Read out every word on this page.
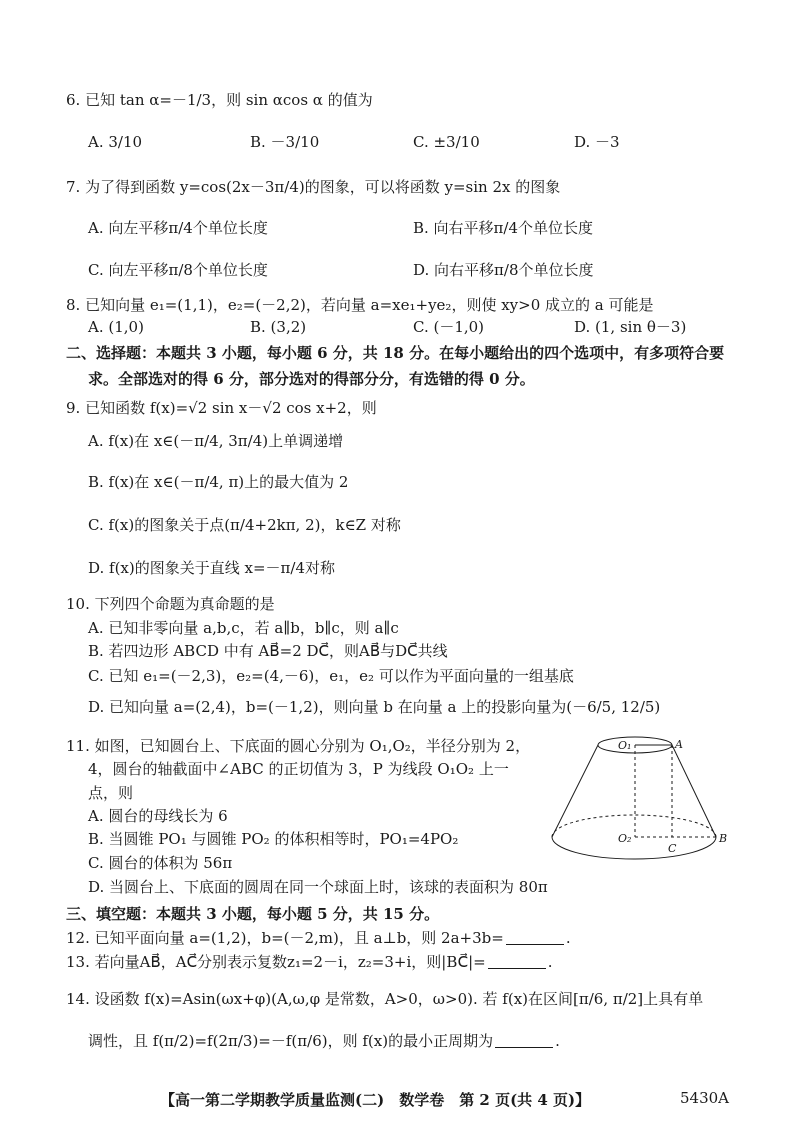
6. 已知 tan α=－1/3，则 sin αcos α 的值为
A. 3/10	B. －3/10	C. ±3/10	D. －3
7. 为了得到函数 y=cos(2x－3π/4)的图象，可以将函数 y=sin 2x 的图象
A. 向左平移π/4个单位长度	B. 向右平移π/4个单位长度
C. 向左平移π/8个单位长度	D. 向右平移π/8个单位长度
8. 已知向量 e₁=(1,1)，e₂=(－2,2)，若向量 a=xe₁+ye₂，则使 xy>0 成立的 a 可能是
A. (1,0)	B. (3,2)	C. (－1,0)	D. (1, sin θ－3)
二、选择题：本题共 3 小题，每小题 6 分，共 18 分。在每小题给出的四个选项中，有多项符合要
求。全部选对的得 6 分，部分选对的得部分分，有选错的得 0 分。
9. 已知函数 f(x)=√2 sin x－√2 cos x+2，则
A. f(x)在 x∈(－π/4, 3π/4)上单调递增
B. f(x)在 x∈(－π/4, π)上的最大值为 2
C. f(x)的图象关于点(π/4+2kπ, 2)，k∈Z 对称
D. f(x)的图象关于直线 x=－π/4对称
10. 下列四个命题为真命题的是
A. 已知非零向量 a,b,c，若 a∥b，b∥c，则 a∥c
B. 若四边形 ABCD 中有 AB⃗=2 DC⃗，则AB⃗与DC⃗共线
C. 已知 e₁=(－2,3)，e₂=(4,－6)，e₁，e₂ 可以作为平面向量的一组基底
D. 已知向量 a=(2,4)，b=(－1,2)，则向量 b 在向量 a 上的投影向量为(－6/5, 12/5)
11. 如图，已知圆台上、下底面的圆心分别为 O₁,O₂，半径分别为 2，
4，圆台的轴截面中∠ABC 的正切值为 3，P 为线段 O₁O₂ 上一
点，则
A. 圆台的母线长为 6
B. 当圆锥 PO₁ 与圆锥 PO₂ 的体积相等时，PO₁=4PO₂
C. 圆台的体积为 56π
D. 当圆台上、下底面的圆周在同一个球面上时，该球的表面积为 80π
O₁	A
O₂
C
B
三、填空题：本题共 3 小题，每小题 5 分，共 15 分。
12. 已知平面向量 a=(1,2)，b=(－2,m)，且 a⊥b，则 2a+3b=	.
13. 若向量AB⃗，AC⃗分别表示复数z₁=2－i，z₂=3+i，则|BC⃗|=	.
14. 设函数 f(x)=Asin(ωx+φ)(A,ω,φ 是常数，A>0，ω>0). 若 f(x)在区间[π/6, π/2]上具有单
调性，且 f(π/2)=f(2π/3)=－f(π/6)，则 f(x)的最小正周期为	.
【高一第二学期教学质量监测(二)　数学卷　第 2 页(共 4 页)】	5430A
